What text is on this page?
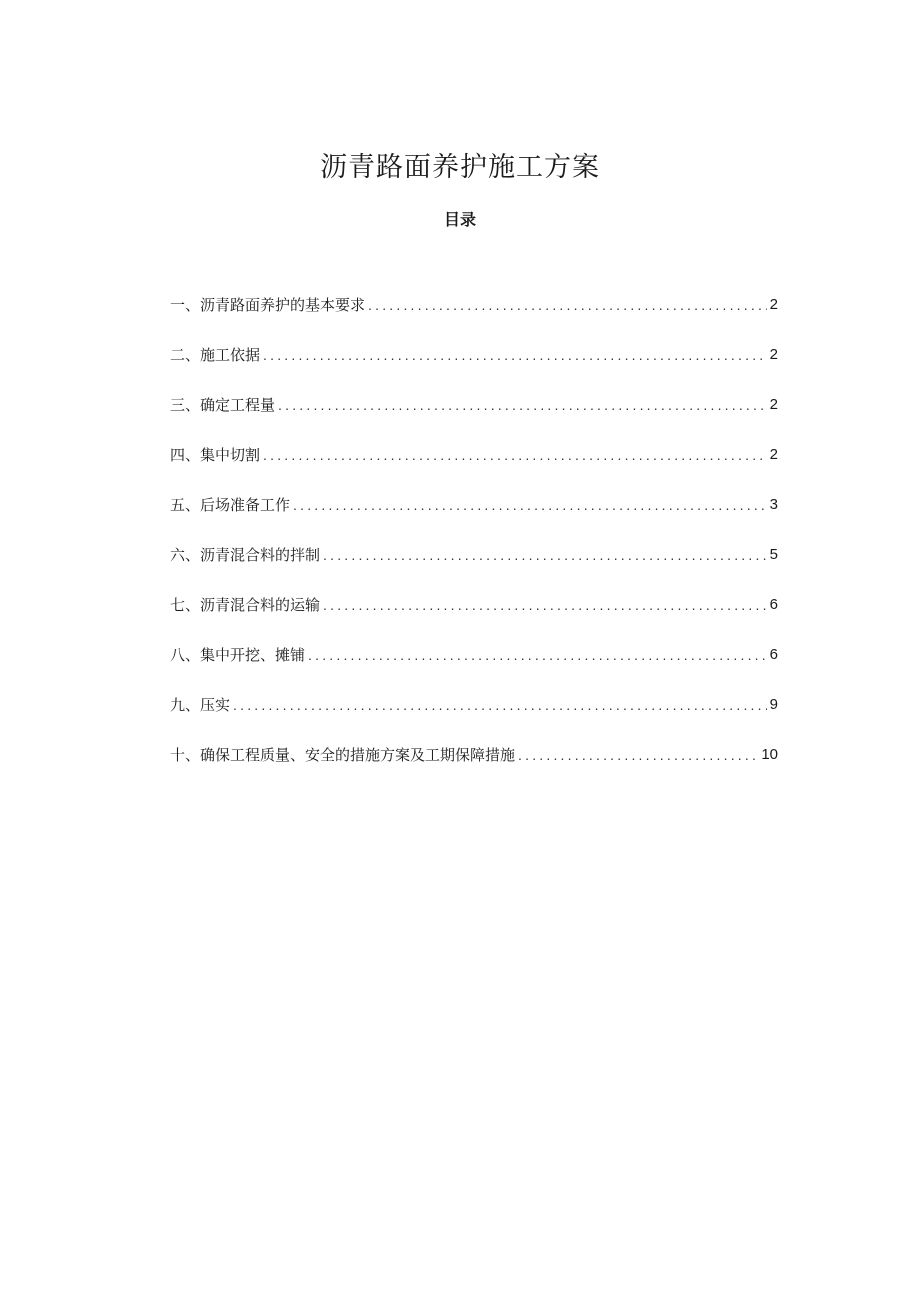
沥青路面养护施工方案
目录
一、沥青路面养护的基本要求 .....	2
二、施工依据 .....	2
三、确定工程量 .....	2
四、集中切割 .....	2
五、后场准备工作 .....	3
六、沥青混合料的拌制 .....	5
七、沥青混合料的运输 .....	6
八、集中开挖、摊铺 .....	6
九、压实 .....	9
十、确保工程质量、安全的措施方案及工期保障措施 .....	10
